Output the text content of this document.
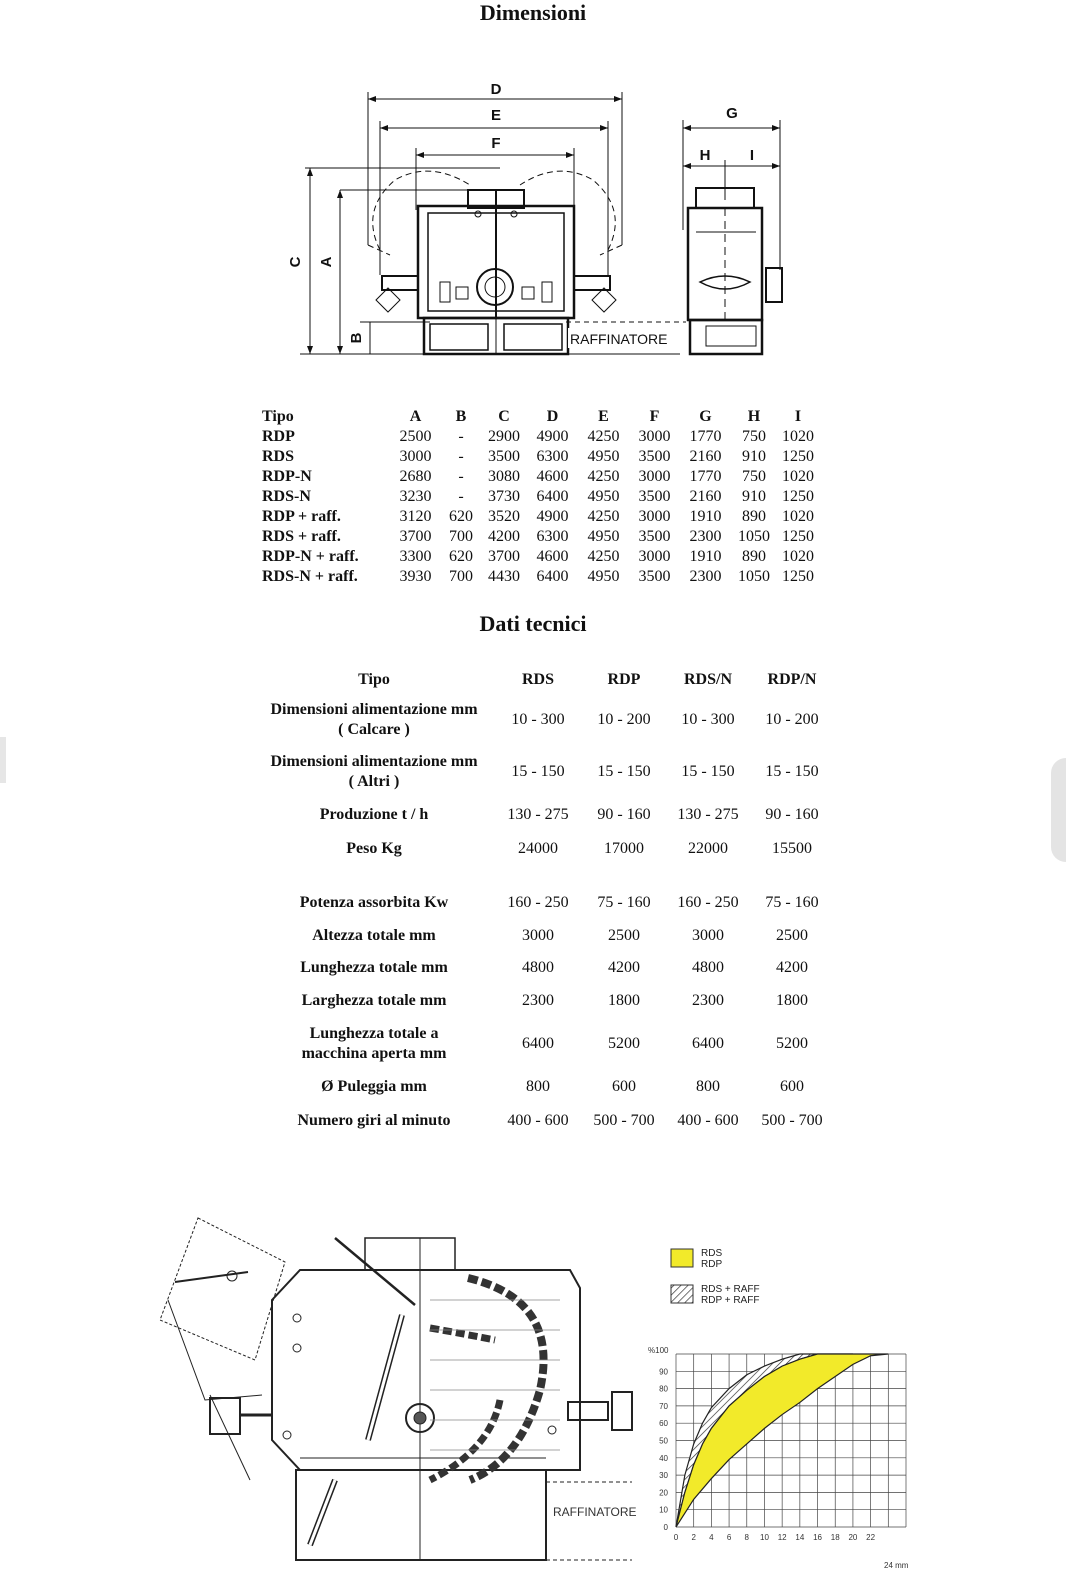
Dimensioni
D
E
F
G
H	I
C A
B	RAFFINATORE
Tipo	A	B	C	D	E	F	G	H	I
RDP	2500	-	2900	4900	4250	3000	1770	750	1020
RDS	3000	-	3500	6300	4950	3500	2160	910	1250
RDP-N	2680	-	3080	4600	4250	3000	1770	750	1020
RDS-N	3230	-	3730	6400	4950	3500	2160	910	1250
RDP + raff.	3120	620	3520	4900	4250	3000	1910	890	1020
RDS + raff.	3700	700	4200	6300	4950	3500	2300	1050	1250
RDP-N + raff.	3300	620	3700	4600	4250	3000	1910	890	1020
RDS-N + raff.	3930	700	4430	6400	4950	3500	2300	1050	1250
Dati tecnici
Tipo	RDS	RDP	RDS/N	RDP/N

Dimensioni alimentazione mm
( Calcare )	10 - 300	10 - 200	10 - 300	10 - 200

Dimensioni alimentazione mm
( Altri )	15 - 150	15 - 150	15 - 150	15 - 150

Produzione t / h	130 - 275	90 - 160	130 - 275	90 - 160

Peso Kg	24000	17000	22000	15500

Potenza assorbita Kw	160 - 250	75 - 160	160 - 250	75 - 160

Altezza totale mm	3000	2500	3000	2500

Lunghezza totale mm	4800	4200	4800	4200

Larghezza totale mm	2300	1800	2300	1800

Lunghezza totale a
macchina aperta mm	6400	5200	6400	5200

Ø Puleggia mm	800	600	800	600

Numero giri al minuto	400 - 600	500 - 700	400 - 600	500 - 700
RAFFINATORE
RDS
RDP
RDS + RAFF
RDP + RAFF
0 2 4 6 8 10 12 14 16 18 20 22
0
10
20
30
40
50
60
70
80
90
%100
24 mm
